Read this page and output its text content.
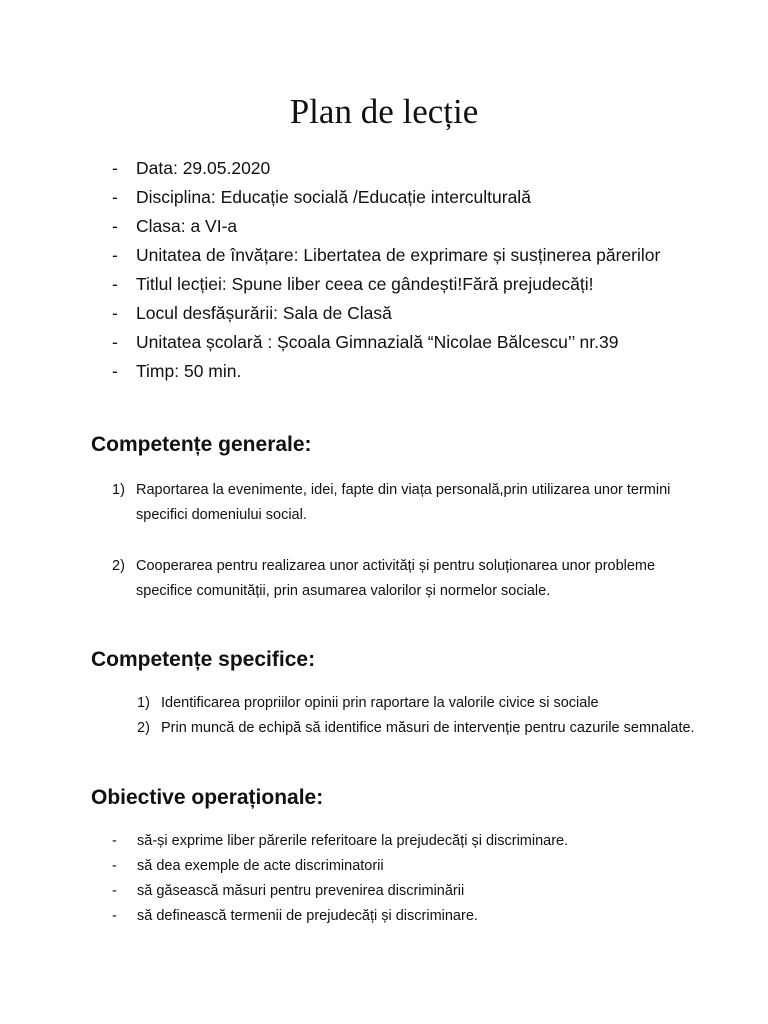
Plan de lecție
- Data: 29.05.2020
- Disciplina: Educație socială /Educație interculturală
- Clasa: a VI-a
- Unitatea de învățare: Libertatea de exprimare și susținerea părerilor
- Titlul lecției: Spune liber ceea ce gândești!Fără prejudecăți!
- Locul desfășurării: Sala de Clasă
- Unitatea școlară : Școala Gimnazială “Nicolae Bălcescu’’ nr.39
- Timp: 50 min.
Competențe generale:
1) Raportarea la evenimente, idei, fapte din viața personală,prin utilizarea unor termini specifici domeniului social.
2) Cooperarea pentru realizarea unor activități și pentru soluționarea unor probleme specifice comunității, prin asumarea valorilor și normelor sociale.
Competențe specifice:
1) Identificarea propriilor opinii prin raportare la valorile civice si sociale
2) Prin muncă de echipă să identifice măsuri de intervenție pentru cazurile semnalate.
Obiective operaționale:
- să-și exprime liber părerile referitoare la prejudecăți și discriminare.
- să dea exemple de acte discriminatorii
- să găsească măsuri pentru prevenirea discriminării
- să definească termenii de prejudecăți și discriminare.
